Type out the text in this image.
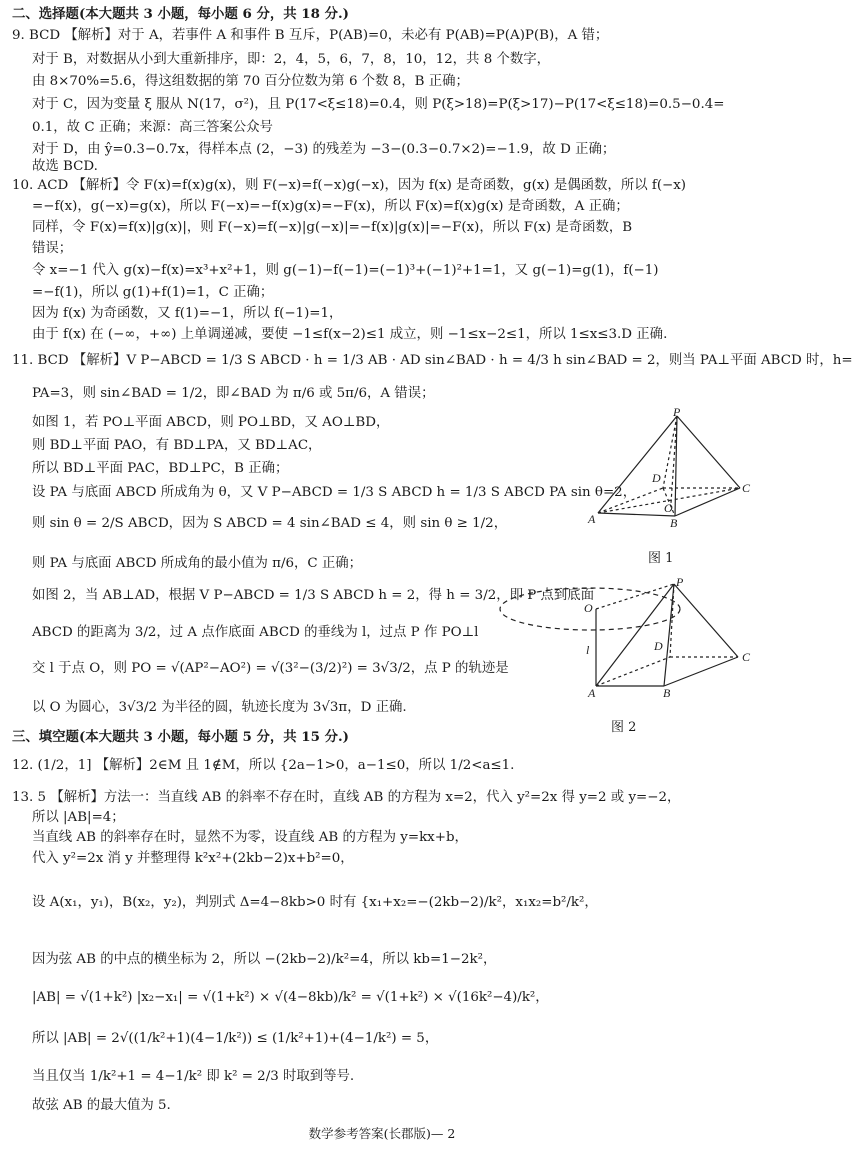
二、选择题(本大题共 3 小题，每小题 6 分，共 18 分.)
9. BCD 【解析】对于 A，若事件 A 和事件 B 互斥，P(AB)=0，未必有 P(AB)=P(A)P(B)，A 错；
对于 B，对数据从小到大重新排序，即：2，4，5，6，7，8，10，12，共 8 个数字，
由 8×70%=5.6，得这组数据的第 70 百分位数为第 6 个数 8，B 正确；
对于 C，因为变量 ξ 服从 N(17，σ²)，且 P(17<ξ≤18)=0.4，则 P(ξ>18)=P(ξ>17)−P(17<ξ≤18)=0.5−0.4=
0.1，故 C 正确；来源：高三答案公众号
对于 D，由 ŷ=0.3−0.7x，得样本点 (2，−3) 的残差为 −3−(0.3−0.7×2)=−1.9，故 D 正确；
故选 BCD.
10. ACD 【解析】令 F(x)=f(x)g(x)，则 F(−x)=f(−x)g(−x)，因为 f(x) 是奇函数，g(x) 是偶函数，所以 f(−x)
=−f(x)，g(−x)=g(x)，所以 F(−x)=−f(x)g(x)=−F(x)，所以 F(x)=f(x)g(x) 是奇函数，A 正确；
同样，令 F(x)=f(x)|g(x)|，则 F(−x)=f(−x)|g(−x)|=−f(x)|g(x)|=−F(x)，所以 F(x) 是奇函数，B
错误；
令 x=−1 代入 g(x)−f(x)=x³+x²+1，则 g(−1)−f(−1)=(−1)³+(−1)²+1=1，又 g(−1)=g(1)，f(−1)
=−f(1)，所以 g(1)+f(1)=1，C 正确；
因为 f(x) 为奇函数，又 f(1)=−1，所以 f(−1)=1，
由于 f(x) 在 (−∞，+∞) 上单调递减，要使 −1≤f(x−2)≤1 成立，则 −1≤x−2≤1，所以 1≤x≤3.D 正确.
11. BCD 【解析】V P−ABCD = 1/3 S ABCD · h = 1/3 AB · AD sin∠BAD · h = 4/3 h sin∠BAD = 2，则当 PA⊥平面 ABCD 时，h=
PA=3，则 sin∠BAD = 1/2，即∠BAD 为 π/6 或 5π/6，A 错误；
如图 1，若 PO⊥平面 ABCD，则 PO⊥BD，又 AO⊥BD，
则 BD⊥平面 PAO，有 BD⊥PA，又 BD⊥AC，
所以 BD⊥平面 PAC，BD⊥PC，B 正确；
设 PA 与底面 ABCD 所成角为 θ，又 V P−ABCD = 1/3 S ABCD h = 1/3 S ABCD PA sin θ=2，
则 sin θ = 2/S ABCD，因为 S ABCD = 4 sin∠BAD ≤ 4，则 sin θ ≥ 1/2，
则 PA 与底面 ABCD 所成角的最小值为 π/6，C 正确；
如图 2，当 AB⊥AD，根据 V P−ABCD = 1/3 S ABCD h = 2，得 h = 3/2，即 P 点到底面
ABCD 的距离为 3/2，过 A 点作底面 ABCD 的垂线为 l，过点 P 作 PO⊥l
交 l 于点 O，则 PO = √(AP²−AO²) = √(3²−(3/2)²) = 3√3/2，点 P 的轨迹是
以 O 为圆心，3√3/2 为半径的圆，轨迹长度为 3√3π，D 正确.
P
A	B
C
D
O
图 1
P
O
l
A	B
C
D
图 2
三、填空题(本大题共 3 小题，每小题 5 分，共 15 分.)
12. (1/2，1] 【解析】2∈M 且 1∉M，所以 {2a−1>0，a−1≤0，所以 1/2<a≤1.
13. 5 【解析】方法一：当直线 AB 的斜率不存在时，直线 AB 的方程为 x=2，代入 y²=2x 得 y=2 或 y=−2，
所以 |AB|=4；
当直线 AB 的斜率存在时，显然不为零，设直线 AB 的方程为 y=kx+b，
代入 y²=2x 消 y 并整理得 k²x²+(2kb−2)x+b²=0，
设 A(x₁，y₁)，B(x₂，y₂)，判别式 Δ=4−8kb>0 时有 {x₁+x₂=−(2kb−2)/k²，x₁x₂=b²/k²，
因为弦 AB 的中点的横坐标为 2，所以 −(2kb−2)/k²=4，所以 kb=1−2k²，
|AB| = √(1+k²) |x₂−x₁| = √(1+k²) × √(4−8kb)/k² = √(1+k²) × √(16k²−4)/k²，
所以 |AB| = 2√((1/k²+1)(4−1/k²)) ≤ (1/k²+1)+(4−1/k²) = 5，
当且仅当 1/k²+1 = 4−1/k² 即 k² = 2/3 时取到等号.
故弦 AB 的最大值为 5.
数学参考答案(长郡版)— 2
